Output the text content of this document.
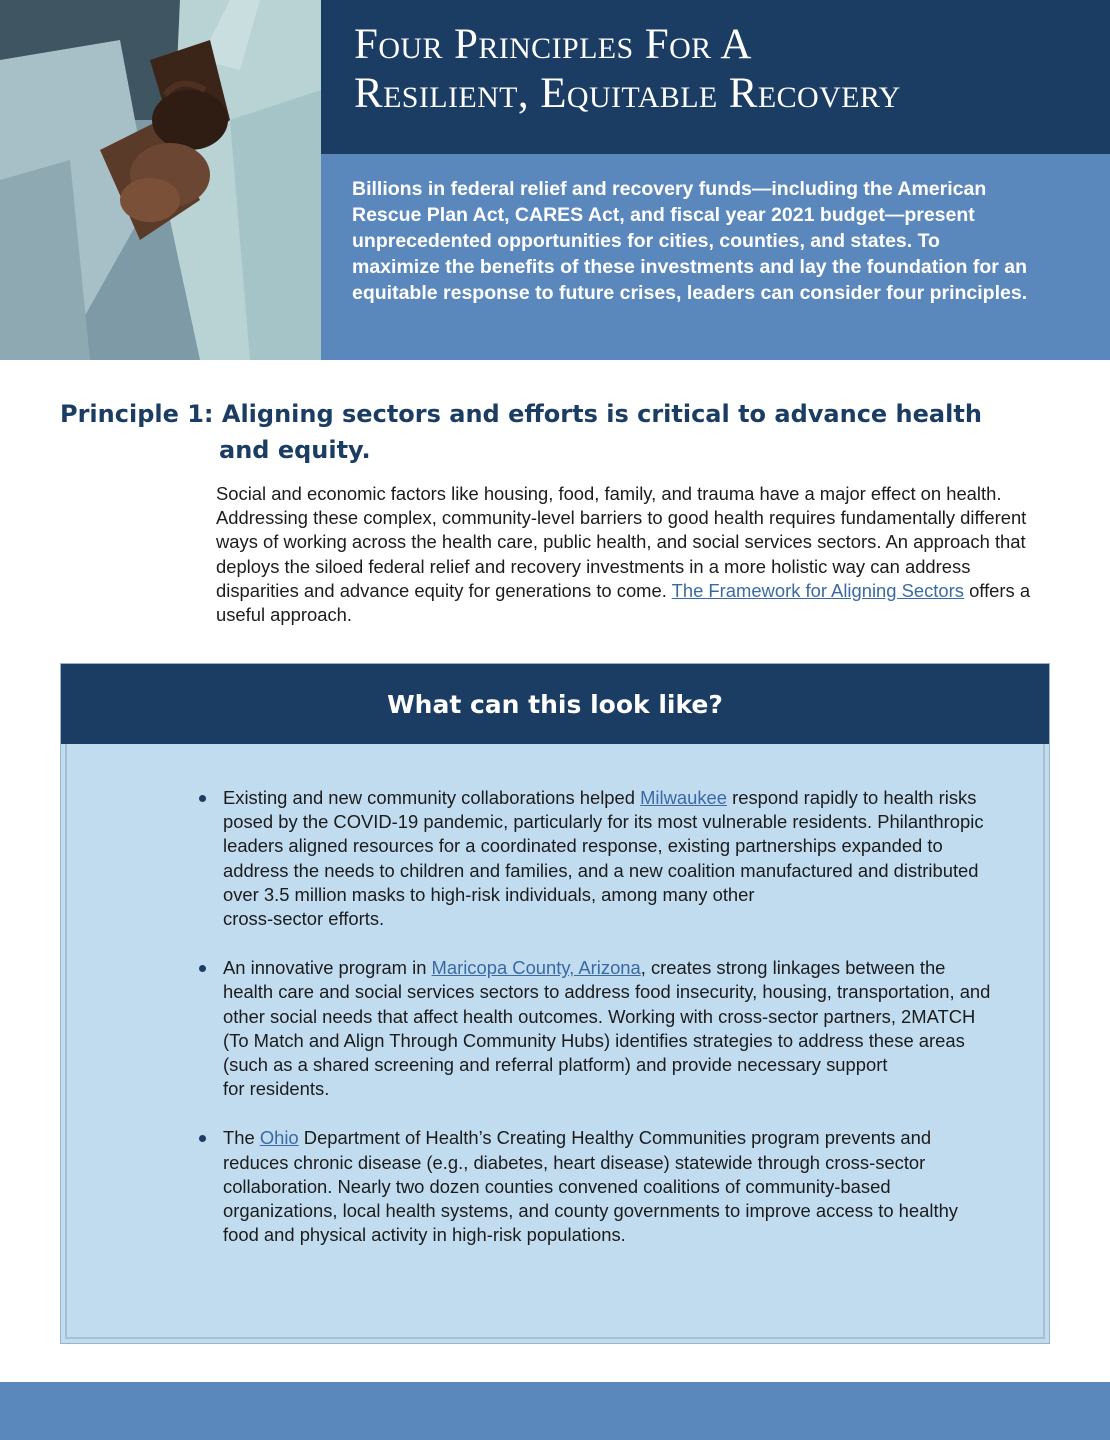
Four Principles For A
Resilient, Equitable Recovery

Billions in federal relief and recovery funds—including the American Rescue Plan Act, CARES Act, and fiscal year 2021 budget—present unprecedented opportunities for cities, counties, and states. To maximize the benefits of these investments and lay the foundation for an equitable response to future crises, leaders can consider four principles.

Principle 1: Aligning sectors and efforts is critical to advance health
and equity.

Social and economic factors like housing, food, family, and trauma have a major effect on health. Addressing these complex, community-level barriers to good health requires fundamentally different ways of working across the health care, public health, and social services sectors. An approach that deploys the siloed federal relief and recovery investments in a more holistic way can address disparities and advance equity for generations to come. The Framework for Aligning Sectors offers a useful approach.

What can this look like?
Existing and new community collaborations helped Milwaukee respond rapidly to health risks posed by the COVID-19 pandemic, particularly for its most vulnerable residents. Philanthropic leaders aligned resources for a coordinated response, existing partnerships expanded to address the needs to children and families, and a new coalition manufactured and distributed over 3.5 million masks to high-risk individuals, among many other
cross-sector efforts.
An innovative program in Maricopa County, Arizona, creates strong linkages between the health care and social services sectors to address food insecurity, housing, transportation, and other social needs that affect health outcomes. Working with cross-sector partners, 2MATCH (To Match and Align Through Community Hubs) identifies strategies to address these areas (such as a shared screening and referral platform) and provide necessary support
for residents.
The Ohio Department of Health’s Creating Healthy Communities program prevents and reduces chronic disease (e.g., diabetes, heart disease) statewide through cross-sector collaboration. Nearly two dozen counties convened coalitions of community-based organizations, local health systems, and county governments to improve access to healthy food and physical activity in high-risk populations.
